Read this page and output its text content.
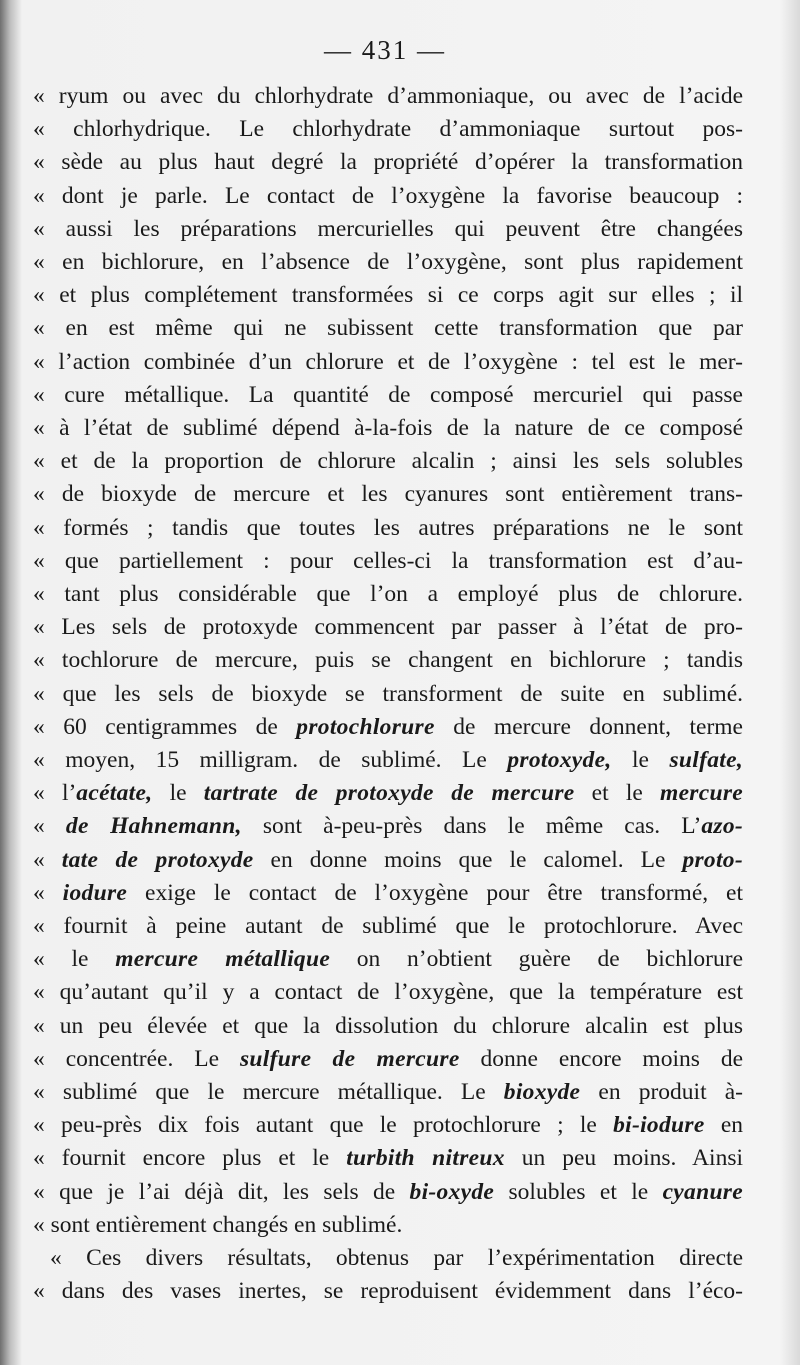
— 431 —
« ryum ou avec du chlorhydrate d’ammoniaque, ou avec de l’acide
« chlorhydrique. Le chlorhydrate d’ammoniaque surtout pos-
« sède au plus haut degré la propriété d’opérer la transformation
« dont je parle. Le contact de l’oxygène la favorise beaucoup :
« aussi les préparations mercurielles qui peuvent être changées
« en bichlorure, en l’absence de l’oxygène, sont plus rapidement
« et plus complétement transformées si ce corps agit sur elles ; il
« en est même qui ne subissent cette transformation que par
« l’action combinée d’un chlorure et de l’oxygène : tel est le mer-
« cure métallique. La quantité de composé mercuriel qui passe
« à l’état de sublimé dépend à-la-fois de la nature de ce composé
« et de la proportion de chlorure alcalin ; ainsi les sels solubles
« de bioxyde de mercure et les cyanures sont entièrement trans-
« formés ; tandis que toutes les autres préparations ne le sont
« que partiellement : pour celles-ci la transformation est d’au-
« tant plus considérable que l’on a employé plus de chlorure.
« Les sels de protoxyde commencent par passer à l’état de pro-
« tochlorure de mercure, puis se changent en bichlorure ; tandis
« que les sels de bioxyde se transforment de suite en sublimé.
« 60 centigrammes de protochlorure de mercure donnent, terme
« moyen, 15 milligram. de sublimé. Le protoxyde, le sulfate,
« l’acétate, le tartrate de protoxyde de mercure et le mercure
« de Hahnemann, sont à-peu-près dans le même cas. L’azo-
« tate de protoxyde en donne moins que le calomel. Le proto-
« iodure exige le contact de l’oxygène pour être transformé, et
« fournit à peine autant de sublimé que le protochlorure. Avec
« le mercure métallique on n’obtient guère de bichlorure
« qu’autant qu’il y a contact de l’oxygène, que la température est
« un peu élevée et que la dissolution du chlorure alcalin est plus
« concentrée. Le sulfure de mercure donne encore moins de
« sublimé que le mercure métallique. Le bioxyde en produit à-
« peu-près dix fois autant que le protochlorure ; le bi-iodure en
« fournit encore plus et le turbith nitreux un peu moins. Ainsi
« que je l’ai déjà dit, les sels de bi-oxyde solubles et le cyanure
« sont entièrement changés en sublimé.
« Ces divers résultats, obtenus par l’expérimentation directe
« dans des vases inertes, se reproduisent évidemment dans l’éco-
